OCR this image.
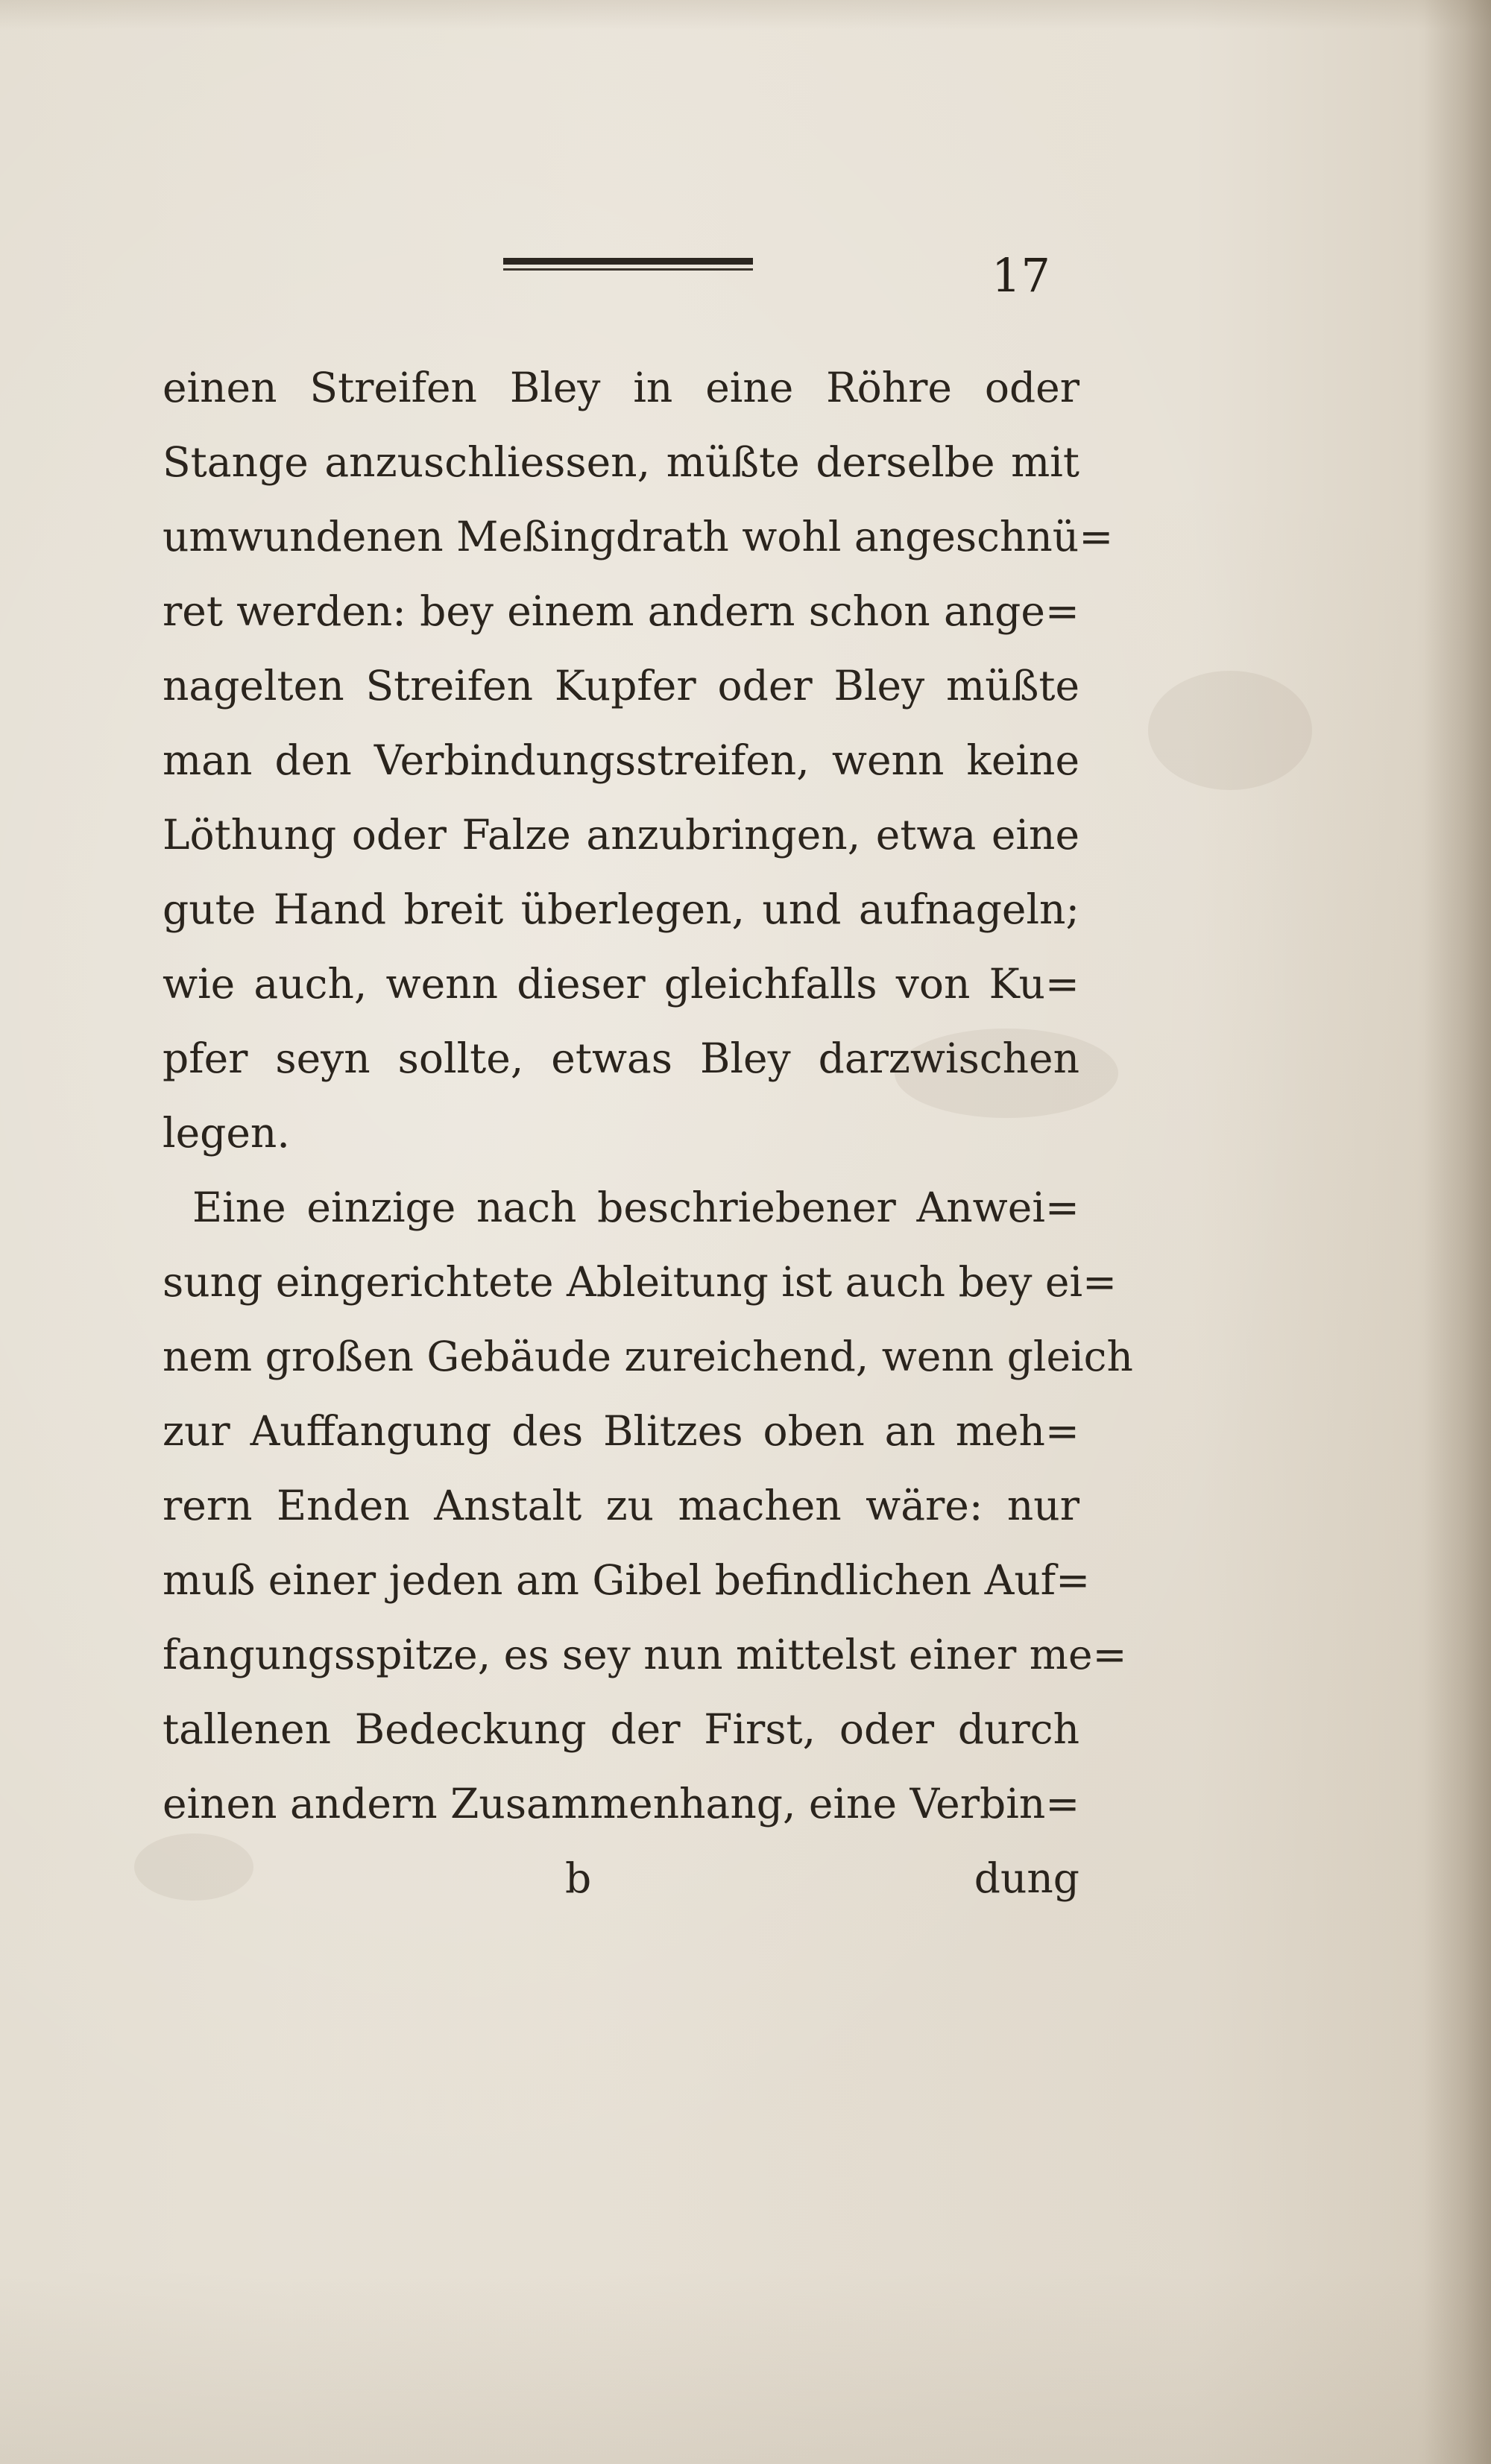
17
einen Streifen Bley in eine Röhre oder
Stange anzuschliessen, müßte derselbe mit
umwundenen Meßingdrath wohl angeschnü=
ret werden: bey einem andern schon ange=
nagelten Streifen Kupfer oder Bley müßte
man den Verbindungsstreifen, wenn keine
Löthung oder Falze anzubringen, etwa eine
gute Hand breit überlegen, und aufnageln;
wie auch, wenn dieser gleichfalls von Ku=
pfer seyn sollte, etwas Bley darzwischen
legen.
Eine einzige nach beschriebener Anwei=
sung eingerichtete Ableitung ist auch bey ei=
nem großen Gebäude zureichend, wenn gleich
zur Auffangung des Blitzes oben an meh=
rern Enden Anstalt zu machen wäre: nur
muß einer jeden am Gibel befindlichen Auf=
fangungsspitze, es sey nun mittelst einer me=
tallenen Bedeckung der First, oder durch
einen andern Zusammenhang, eine Verbin=
b	dung
